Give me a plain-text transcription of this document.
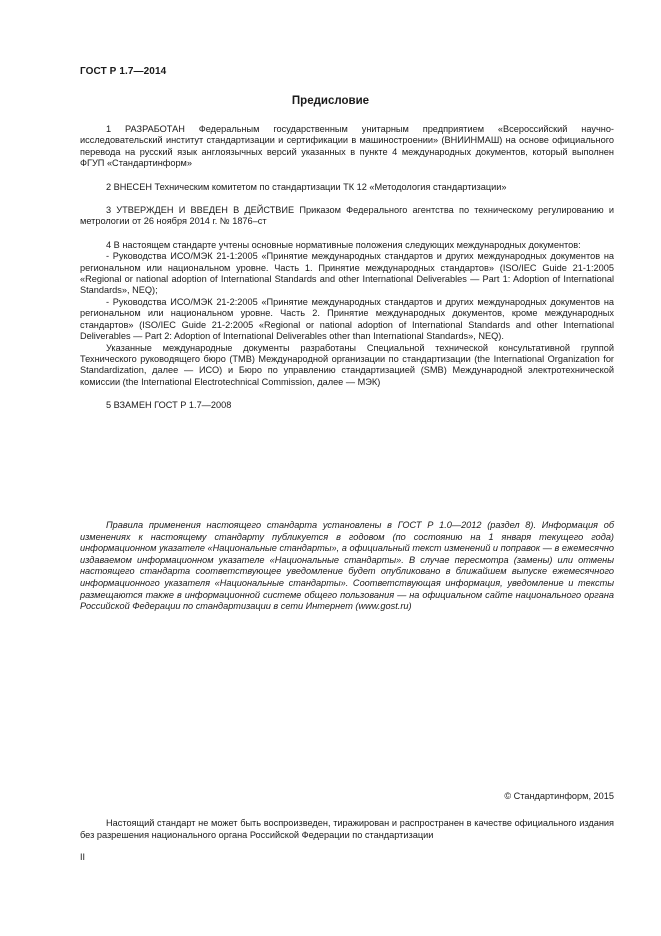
ГОСТ Р 1.7—2014
Предисловие

1 РАЗРАБОТАН Федеральным государственным унитарным предприятием «Всероссийский научно-исследовательский институт стандартизации и сертификации в машиностроении» (ВНИИНМАШ) на основе официального перевода на русский язык англоязычных версий указанных в пункте 4 международных документов, который выполнен ФГУП «Стандартинформ»

2 ВНЕСЕН Техническим комитетом по стандартизации ТК 12 «Методология стандартизации»

3 УТВЕРЖДЕН И ВВЕДЕН В ДЕЙСТВИЕ Приказом Федерального агентства по техническому регулированию и метрологии от 26 ноября 2014 г. № 1876–ст

4 В настоящем стандарте учтены основные нормативные положения следующих международных документов:

- Руководства ИСО/МЭК 21-1:2005 «Принятие международных стандартов и других международных документов на региональном или национальном уровне. Часть 1. Принятие международных стандартов» (ISO/IEC Guide 21-1:2005 «Regional or national adoption of International Standards and other International Deliverables — Part 1: Adoption of International Standards», NEQ);

- Руководства ИСО/МЭК 21-2:2005 «Принятие международных стандартов и других международных документов на региональном или национальном уровне. Часть 2. Принятие международных документов, кроме международных стандартов» (ISO/IEC Guide 21-2:2005 «Regional or national adoption of International Standards and other International Deliverables — Part 2: Adoption of International Deliverables other than International Standards», NEQ).

Указанные международные документы разработаны Специальной технической консультативной группой Технического руководящего бюро (TMB) Международной организации по стандартизации (the International Organization for Standardization, далее — ИСО) и Бюро по управлению стандартизацией (SMB) Международной электротехнической комиссии (the International Electrotechnical Commission, далее — МЭК)

5 ВЗАМЕН ГОСТ Р 1.7—2008

Правила применения настоящего стандарта установлены в ГОСТ Р 1.0—2012 (раздел 8). Информация об изменениях к настоящему стандарту публикуется в годовом (по состоянию на 1 января текущего года) информационном указателе «Национальные стандарты», а официальный текст изменений и поправок — в ежемесячно издаваемом информационном указателе «Национальные стандарты». В случае пересмотра (замены) или отмены настоящего стандарта соответствующее уведомление будет опубликовано в ближайшем выпуске ежемесячного информационного указателя «Национальные стандарты». Соответствующая информация, уведомление и тексты размещаются также в информационной системе общего пользования — на официальном сайте национального органа Российской Федерации по стандартизации в сети Интернет (www.gost.ru)

© Стандартинформ, 2015

Настоящий стандарт не может быть воспроизведен, тиражирован и распространен в качестве официального издания без разрешения национального органа Российской Федерации по стандартизации

II
